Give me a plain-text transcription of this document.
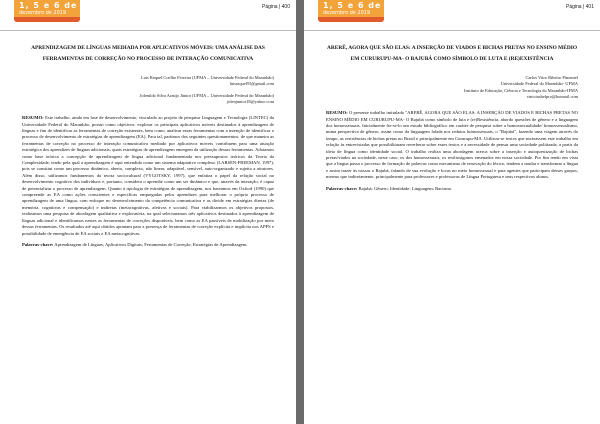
1, 5 e 6 de
dezembro de 2019
Página | 400
APRENDIZAGEM DE LÍNGUAS MEDIADA POR APLICATIVOS MÓVEIS: UMA ANÁLISE DAS FERRAMENTAS DE CORREÇÃO NO PROCESSO DE INTERAÇÃO COMUNICATIVA
Luis Raquel Coelho Ferreira (UFMA – Universidade Federal do Maranhão)
luisraquel55@gmail.com
Jolenildo Silva Araújo Júnior (UFMA – Universidade Federal do Maranhão)
jolenjunior18@yahoo.com
RESUMO: Este trabalho, ainda em fase de desenvolvimento, vinculado ao projeto de pesquisa Linguagem e Tecnologia (LINTEC) da Universidade Federal do Maranhão, possui como objetivos: explorar os principais aplicativos móveis destinados à aprendizagem de línguas e fim de identificar as ferramentas de correção existentes, bem como, analisar essas ferramentas com a intenção de identificar o processo de desenvolvimento de estratégias de aprendizagem (EA). Para tal, partimos dos seguintes questionamentos: de que maneira as ferramentas de correção no processo de interação comunicativa mediado por aplicativos móveis contribuem para uma atuação estratégica dos aprendizes de línguas adicionais; quais estratégias de aprendizagem emergem da utilização dessas ferramentas. Adotamos como base teórica a concepção de aprendizagem de língua adicional fundamentada nos pressupostos teóricos da Teoria da Complexidade, tendo pela qual a aprendizagem é aqui entendida como um sistema adaptativo complexo (LARSEN-FREEMAN, 1997), pois se constitui como um processo dinâmico, aberto, complexo, não linear, adaptável, sensível, auto-organizado e sujeito a atratores. Além disso, utilizamos fundamentos da teoria sociocultural (VYGOTSKY, 1997), que enfatiza o papel da relação social no desenvolvimento cognitivo dos indivíduos e, portanto, considera o aprendiz como um ser dinâmico e que, através da interação, é capaz de potencializar o processo de aprendizagem. Quanto à tipologia de estratégias de aprendizagem, nos baseamos em Oxford (1990) que compreende as EA como ações conscientes e específicas empregadas pelos aprendizes para melhorar o próprio processo de aprendizagem de uma língua, com enfoque no desenvolvimento da competência comunicativa e as divide em estratégias diretas (de memória, cognitivas e compensação) e indiretas (metacognitivas, afetivas e sociais). Para viabilizarmos os objetivos propostos, realizamos uma pesquisa de abordagem qualitativa e exploratória, na qual selecionamos três aplicativos destinados à aprendizagem de línguas adicional e identificamos nestes as ferramentas de correções disponíveis, bem como as EA passíveis de mobilização por meio dessas ferramentas. Os resultados até aqui obtidos apontam para a presença de ferramentas de correção explícita e implícita nos APPS e possibilidade de emergência de EA sociais e EA metacognitivas.
Palavras-chave: Aprendizagem de Línguas; Aplicativos Digitais; Ferramentas de Correção; Estratégias de Aprendizagem.
1, 5 e 6 de
dezembro de 2019
Página | 401
ARERÊ, AGORA QUE SÃO ELAS: A INSERÇÃO DE VIADOS E BICHAS PRETAS NO ENSINO MÉDIO EM CURURUPU-MA- O BAJUBÁ COMO SÍMBOLO DE LUTA E (RE)EXISTÊNCIA
Carlos Vitor Ribeiro Pimentel
Universidade Federal do Maranhão- UFMA
Instituto de Educação, Ciência e Tecnologia do Maranhão-IFMA
viniciusbelpro@hotmail.com
RESUMO: O presente trabalho intitulado "ARERÊ, AGORA QUE SÃO ELAS: A INSERÇÃO DE VIADOS E BICHAS PRETAS NO ENSINO MÉDIO EM CURURUPU-MA- O Bajubá como símbolo de luta e (re)Resistência, abordo questões de gênero e a linguagem dos homossexuais. Inicialmente fiz-se-lo um estudo bibliográfico em caráter de pesquisa sobre a homossexualidade/ homossexualismo, numa perspectiva de gênero, assim como da linguagem falada nos redutos homossexuais, o "Bajubá", fazendo uma viagem através do tempo, as resistências de bichas pretas no Brasil e principalmente em Cururupu-MA. Utilizou-se textos que norteassem este trabalho em relação às entrevistadas que possibilitaram reverberar sobre esses textos e a necessidade de pensar uma sociedade politizada, a partir da ideia de língua como identidade social. O trabalho realiza uma abordagem acerca sobre a inserção e autoquestização de bichas pretas/viados na sociedade, neste caso, os dos homossexuais, os resiliosigonos ensenados em nossa sociedade. Por fim tendo em vista que a língua passa o processo de formação de palavras como mecanismo de renovação do léxico, tendem a mudar e transformar a língua e assim trazer às nossas o Bajubá, falando de sua evolução e locus no meio homossexual e para agentes que participam desses grupos, mesmo que indiretamente, principalmente para professores e professoras de Língua Portuguesa e seus respectivos alunos.
Palavras-chave: Bajubá; Gênero; Identidade; Linguagem; Racismo.
